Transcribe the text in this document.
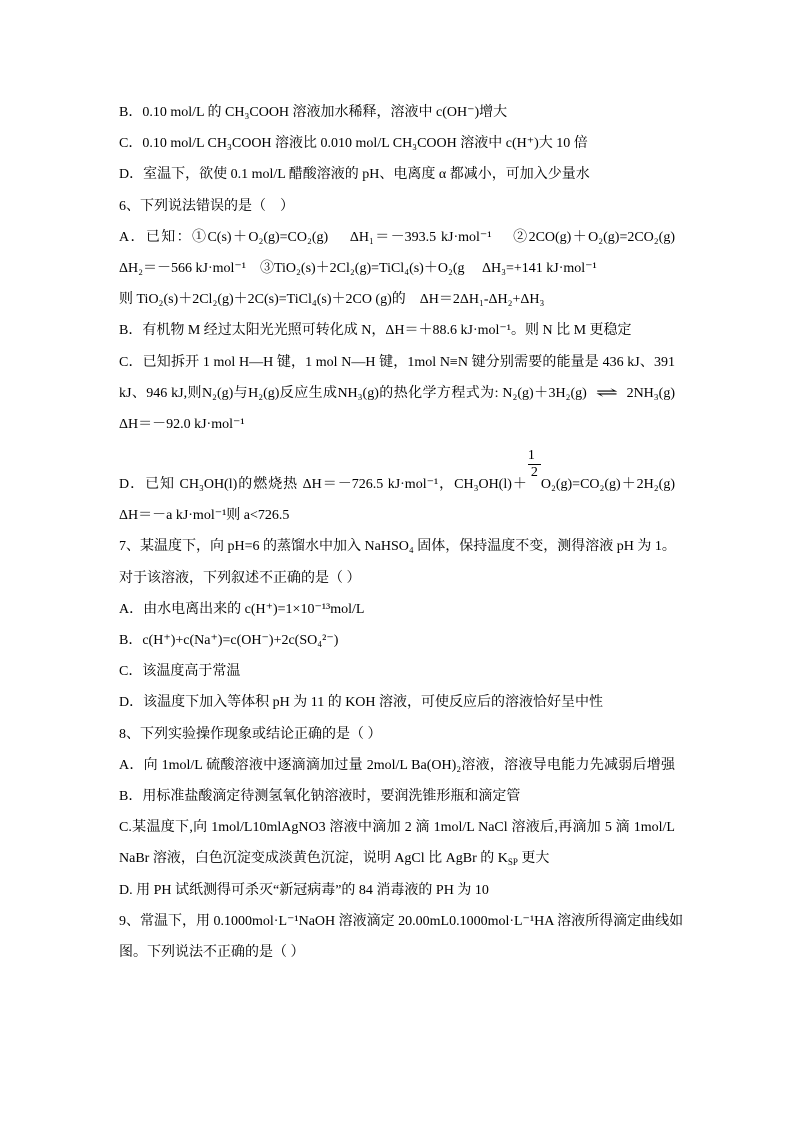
B．0.10 mol/L 的 CH₃COOH 溶液加水稀释，溶液中 c(OH⁻)增大
C．0.10 mol/L CH₃COOH 溶液比 0.010 mol/L CH₃COOH 溶液中 c(H⁺)大 10 倍
D．室温下，欲使 0.1 mol/L 醋酸溶液的 pH、电离度 α 都减小，可加入少量水
6、下列说法错误的是（　）
A．已知：①C(s)＋O₂(g)=CO₂(g)　 ΔH₁＝－393.5 kJ·mol⁻¹　 ②2CO(g)＋O₂(g)=2CO₂(g)
ΔH₂＝－566 kJ·mol⁻¹　③TiO₂(s)＋2Cl₂(g)=TiCl₄(s)＋O₂(g　 ΔH₃=+141 kJ·mol⁻¹
则 TiO₂(s)＋2Cl₂(g)＋2C(s)=TiCl₄(s)＋2CO (g)的　ΔH＝2ΔH₁-ΔH₂+ΔH₃
B．有机物 M 经过太阳光光照可转化成 N，ΔH＝＋88.6 kJ·mol⁻¹。则 N 比 M 更稳定
C．已知拆开 1 mol H—H 键，1 mol N—H 键，1mol N≡N 键分别需要的能量是 436 kJ、391
kJ、946 kJ,则N₂(g)与H₂(g)反应生成NH₃(g)的热化学方程式为: N₂(g)＋3H₂(g) ⇌ 2NH₃(g)
ΔH＝－92.0 kJ·mol⁻¹
D．已知 CH₃OH(l)的燃烧热 ΔH＝－726.5 kJ·mol⁻¹，CH₃OH(l)＋
$\frac{1}{2}O_2(g)=CO_2(g)+2H_2(g)$
ΔH＝－a kJ·mol⁻¹则 a<726.5
7、某温度下，向 pH=6 的蒸馏水中加入 NaHSO₄ 固体，保持温度不变，测得溶液 pH 为 1。
对于该溶液，下列叙述不正确的是（ ）
A．由水电离出来的 c(H⁺)=1×10⁻¹³mol/L
B．c(H⁺)+c(Na⁺)=c(OH⁻)+2c(SO₄²⁻)
C．该温度高于常温
D．该温度下加入等体积 pH 为 11 的 KOH 溶液，可使反应后的溶液恰好呈中性
8、下列实验操作现象或结论正确的是（ ）
A．向 1mol/L 硫酸溶液中逐滴滴加过量 2mol/L Ba(OH)₂溶液，溶液导电能力先减弱后增强
B．用标准盐酸滴定待测氢氧化钠溶液时，要润洗锥形瓶和滴定管
C.某温度下,向 1mol/L10mlAgNO3 溶液中滴加 2 滴 1mol/L NaCl 溶液后,再滴加 5 滴 1mol/L
NaBr 溶液，白色沉淀变成淡黄色沉淀，说明 AgCl 比 AgBr 的 $K_{SP}$ 更大
D. 用 PH 试纸测得可杀灭“新冠病毒”的 84 消毒液的 PH 为 10
9、常温下，用 0.1000mol·L⁻¹NaOH 溶液滴定 20.00mL0.1000mol·L⁻¹HA 溶液所得滴定曲线如
图。下列说法不正确的是（ ）
